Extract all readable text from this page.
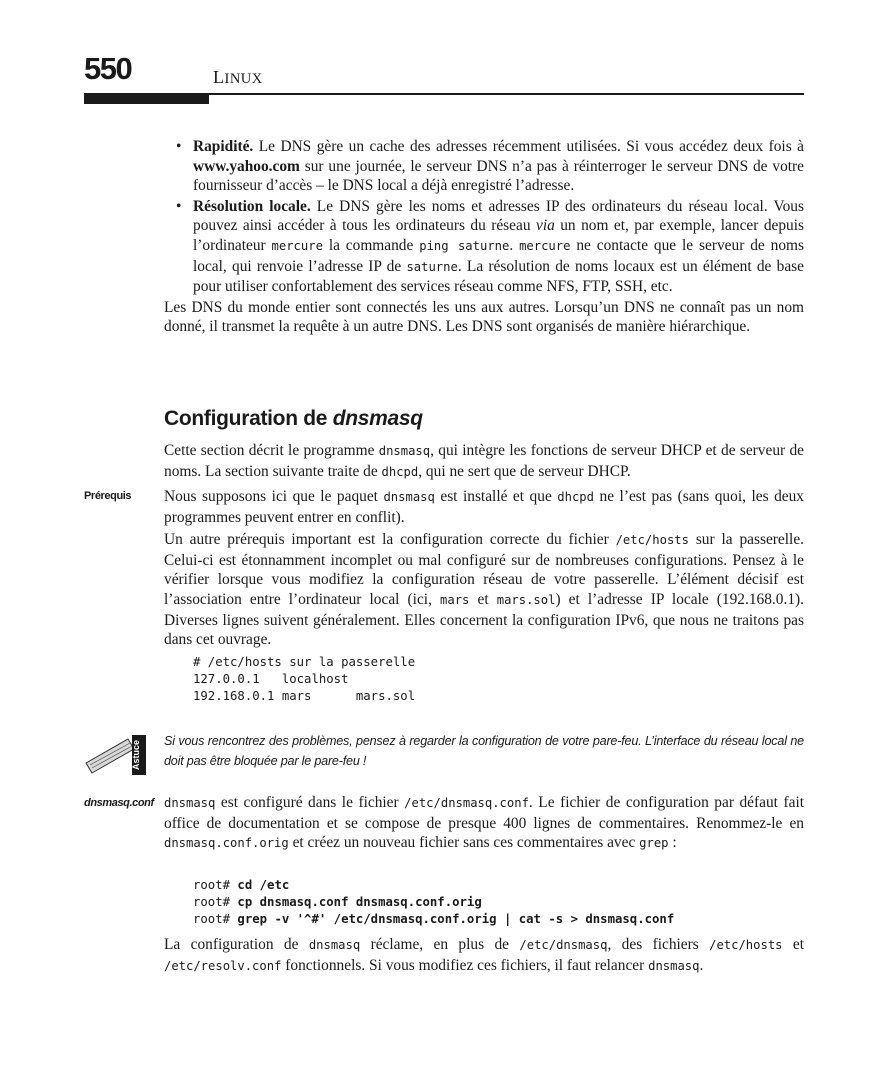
550	LINUX
• Rapidité. Le DNS gère un cache des adresses récemment utilisées. Si vous accédez deux fois à www.yahoo.com sur une journée, le serveur DNS n’a pas à réinterroger le serveur DNS de votre fournisseur d’accès – le DNS local a déjà enregistré l’adresse.
• Résolution locale. Le DNS gère les noms et adresses IP des ordinateurs du réseau local. Vous pouvez ainsi accéder à tous les ordinateurs du réseau via un nom et, par exemple, lancer depuis l’ordinateur mercure la commande ping saturne. mercure ne contacte que le serveur de noms local, qui renvoie l’adresse IP de saturne. La résolution de noms locaux est un élément de base pour utiliser confortablement des services réseau comme NFS, FTP, SSH, etc.

Les DNS du monde entier sont connectés les uns aux autres. Lorsqu’un DNS ne connaît pas un nom donné, il transmet la requête à un autre DNS. Les DNS sont organisés de manière hiérarchique.

Configuration de dnsmasq

Cette section décrit le programme dnsmasq, qui intègre les fonctions de serveur DHCP et de serveur de noms. La section suivante traite de dhcpd, qui ne sert que de serveur DHCP.

Prérequis Nous supposons ici que le paquet dnsmasq est installé et que dhcpd ne l’est pas (sans quoi, les deux programmes peuvent entrer en conflit).

Un autre prérequis important est la configuration correcte du fichier /etc/hosts sur la passerelle. Celui-ci est étonnamment incomplet ou mal configuré sur de nombreuses configurations. Pensez à le vérifier lorsque vous modifiez la configuration réseau de votre passerelle. L’élément décisif est l’association entre l’ordinateur local (ici, mars et mars.sol) et l’adresse IP locale (192.168.0.1). Diverses lignes suivent généralement. Elles concernent la configuration IPv6, que nous ne traitons pas dans cet ouvrage.

# /etc/hosts sur la passerelle
127.0.0.1   localhost
192.168.0.1 mars      mars.sol
Astuce Si vous rencontrez des problèmes, pensez à regarder la configuration de votre pare-feu. L’interface du réseau local ne doit pas être bloquée par le pare-feu !
dnsmasq.conf dnsmasq est configuré dans le fichier /etc/dnsmasq.conf. Le fichier de configuration par défaut fait office de documentation et se compose de presque 400 lignes de commentaires. Renommez-le en dnsmasq.conf.orig et créez un nouveau fichier sans ces commentaires avec grep :

root# cd /etc
root# cp dnsmasq.conf dnsmasq.conf.orig
root# grep -v '^#' /etc/dnsmasq.conf.orig | cat -s > dnsmasq.conf

La configuration de dnsmasq réclame, en plus de /etc/dnsmasq, des fichiers /etc/hosts et /etc/resolv.conf fonctionnels. Si vous modifiez ces fichiers, il faut relancer dnsmasq.
